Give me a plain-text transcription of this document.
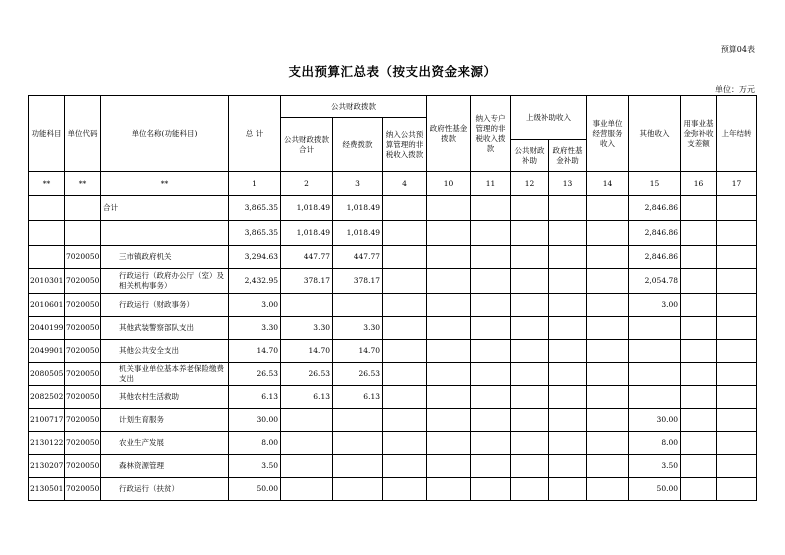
预算04表
支出预算汇总表（按支出资金来源）
单位：万元
功能科目	单位代码	单位名称(功能科目)	总 计	公共财政拨款			政府性基金拨款	纳入专户管理的非税收入拨款	上级补助收入		事业单位经营服务收入	其他收入	用事业基金弥补收支差额	上年结转
				公共财政拨款合计	经费拨款	纳入公共预算管理的非税收入拨款								
									公共财政补助	政府性基金补助				
**	**	**	1	2	3	4	10	11	12	13	14	15	16	17
		合计	3,865.35	1,018.49	1,018.49							2,846.86		
			3,865.35	1,018.49	1,018.49							2,846.86		
	7020050	三市镇政府机关	3,294.63	447.77	447.77							2,846.86		
2010301	7020050	行政运行（政府办公厅（室）及相关机构事务）	2,432.95	378.17	378.17							2,054.78		
2010601	7020050	行政运行（财政事务）	3.00									3.00		
2040199	7020050	其他武装警察部队支出	3.30	3.30	3.30									
2049901	7020050	其他公共安全支出	14.70	14.70	14.70									
2080505	7020050	机关事业单位基本养老保险缴费支出	26.53	26.53	26.53									
2082502	7020050	其他农村生活救助	6.13	6.13	6.13									
2100717	7020050	计划生育服务	30.00									30.00		
2130122	7020050	农业生产发展	8.00									8.00		
2130207	7020050	森林资源管理	3.50									3.50		
2130501	7020050	行政运行（扶贫）	50.00									50.00		
